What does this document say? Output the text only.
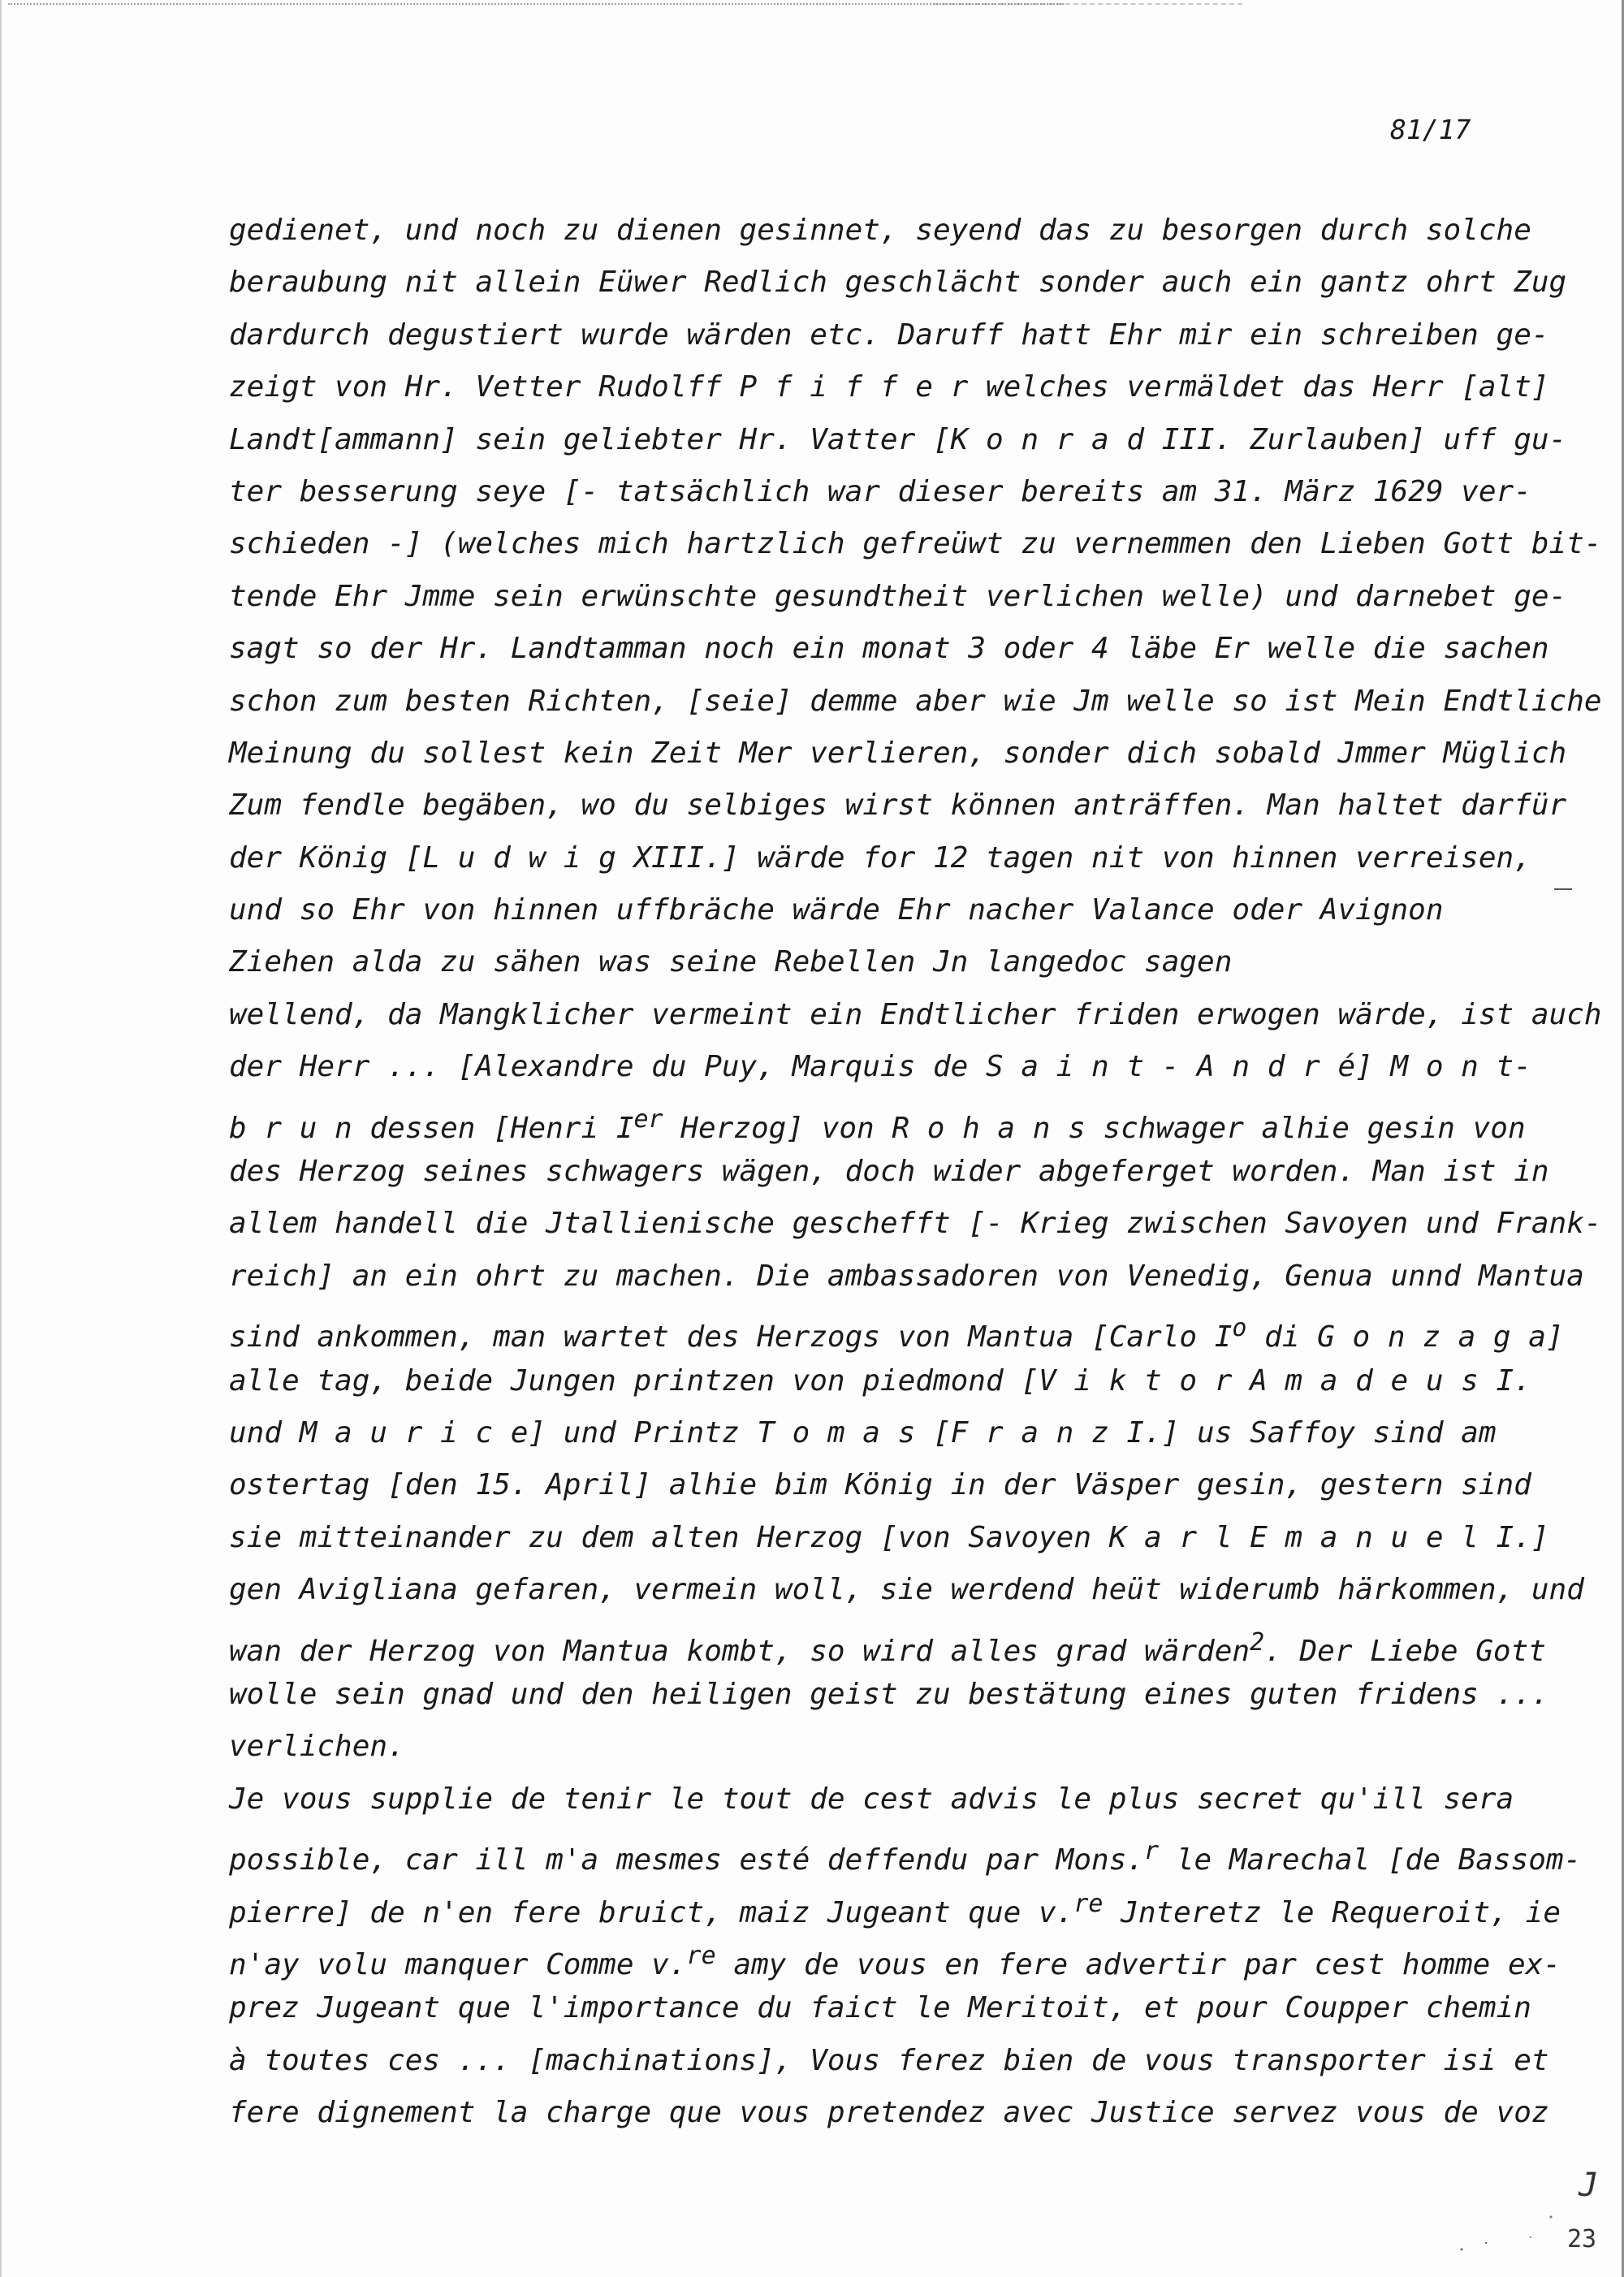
81/17
gedienet, und noch zu dienen gesinnet, seyend das zu besorgen durch solche
beraubung nit allein Eüwer Redlich geschlächt sonder auch ein gantz ohrt Zug
dardurch degustiert wurde wärden etc. Daruff hatt Ehr mir ein schreiben ge-
zeigt von Hr. Vetter Rudolff P f i f f e r welches vermäldet das Herr [alt]
Landt[ammann] sein geliebter Hr. Vatter [K o n r a d III. Zurlauben] uff gu-
ter besserung seye [- tatsächlich war dieser bereits am 31. März 1629 ver-
schieden -] (welches mich hartzlich gefreüwt zu vernemmen den Lieben Gott bit-
tende Ehr Jmme sein erwünschte gesundtheit verlichen welle) und darnebet ge-
sagt so der Hr. Landtamman noch ein monat 3 oder 4 läbe Er welle die sachen
schon zum besten Richten, [seie] demme aber wie Jm welle so ist Mein Endtliche
Meinung du sollest kein Zeit Mer verlieren, sonder dich sobald Jmmer Müglich
Zum fendle begäben, wo du selbiges wirst können anträffen. Man haltet darfür
der König [L u d w i g XIII.] wärde for 12 tagen nit von hinnen verreisen,
und so Ehr von hinnen uffbräche wärde Ehr nacher Valance oder Avignon
Ziehen alda zu sähen was seine Rebellen Jn langedoc sagen
wellend, da Mangklicher vermeint ein Endtlicher friden erwogen wärde, ist auch
der Herr ... [Alexandre du Puy, Marquis de S a i n t - A n d r é] M o n t-
b r u n dessen [Henri Ier Herzog] von R o h a n s schwager alhie gesin von
des Herzog seines schwagers wägen, doch wider abgeferget worden. Man ist in
allem handell die Jtallienische geschefft [- Krieg zwischen Savoyen und Frank-
reich] an ein ohrt zu machen. Die ambassadoren von Venedig, Genua unnd Mantua
sind ankommen, man wartet des Herzogs von Mantua [Carlo $I^o$ di G o n z a g a]
alle tag, beide Jungen printzen von piedmond [V i k t o r A m a d e u s I.
und M a u r i c e] und Printz T o m a s [F r a n z I.] us Saffoy sind am
ostertag [den 15. April] alhie bim König in der Väsper gesin, gestern sind
sie mitteinander zu dem alten Herzog [von Savoyen K a r l E m a n u e l I.]
gen Avigliana gefaren, vermein woll, sie werdend heüt widerumb härkommen, und
wan der Herzog von Mantua kombt, so wird alles grad wärden$^2$. Der Liebe Gott
wolle sein gnad und den heiligen geist zu bestätung eines guten fridens ...
verlichen.
Je vous supplie de tenir le tout de cest advis le plus secret qu'ill sera
possible, car ill m'a mesmes esté deffendu par Mons.$^r$ le Marechal [de Bassom-
pierre] de n'en fere bruict, maiz Jugeant que v.$^{re}$ Jnteretz le Requeroit, ie
n'ay volu manquer Comme v.$^{re}$ amy de vous en fere advertir par cest homme ex-
prez Jugeant que l'importance du faict le Meritoit, et pour Coupper chemin
à toutes ces ... [machinations], Vous ferez bien de vous transporter isi et
fere dignement la charge que vous pretendez avec Justice servez vous de voz
J
23
